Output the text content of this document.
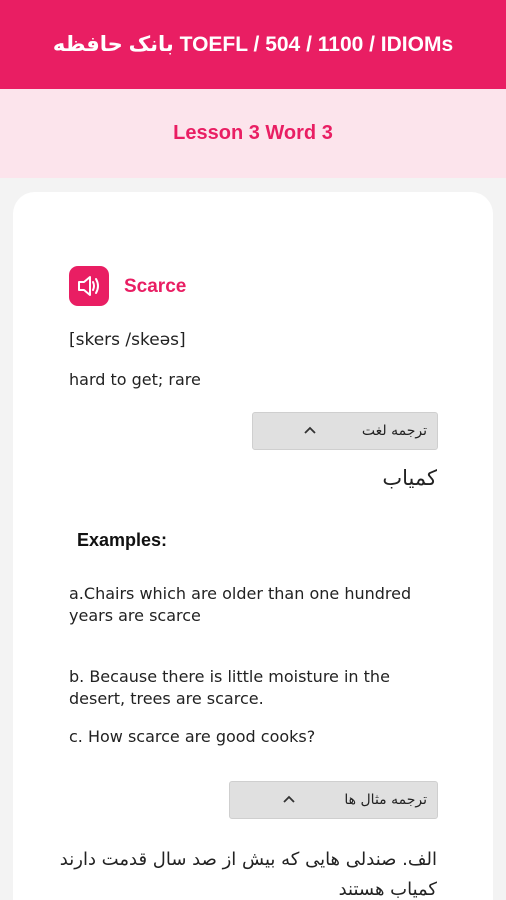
بانک حافظه TOEFL / 504 / 1100 / IDIOMs
Lesson 3 Word 3
Scarce
[skers /skeəs]
hard to get; rare
ترجمه لغت
کمیاب
Examples:
a.Chairs which are older than one hundred years are scarce
b. Because there is little moisture in the desert, trees are scarce.
c. How scarce are good cooks?
ترجمه مثال ها
الف. صندلی هایی که بیش از صد سال قدمت دارند کمیاب هستند
